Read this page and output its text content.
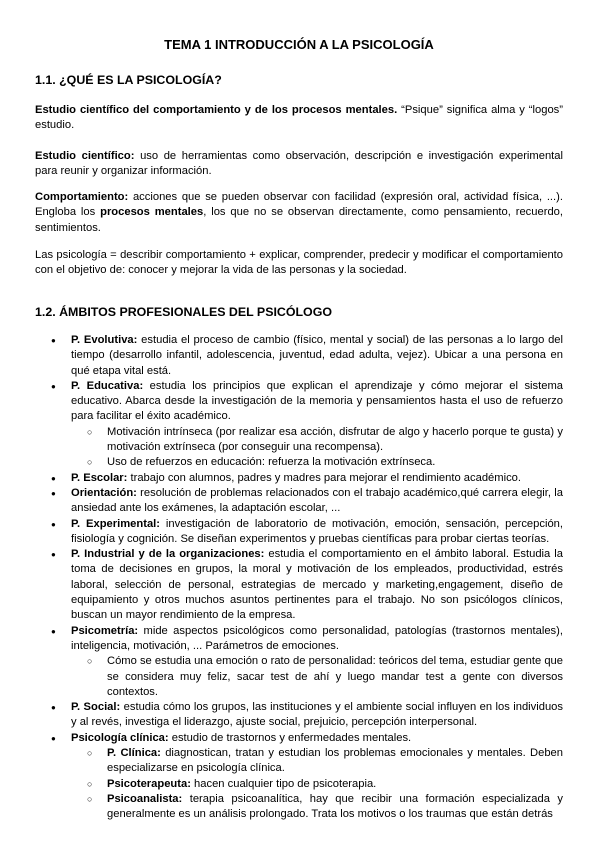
TEMA 1 INTRODUCCIÓN A LA PSICOLOGÍA
1.1. ¿QUÉ ES LA PSICOLOGÍA?
Estudio científico del comportamiento y de los procesos mentales. “Psique” significa alma y “logos” estudio.
Estudio científico: uso de herramientas como observación, descripción e investigación experimental para reunir y organizar información.
Comportamiento: acciones que se pueden observar con facilidad (expresión oral, actividad física, ...). Engloba los procesos mentales, los que no se observan directamente, como pensamiento, recuerdo, sentimientos.
Las psicología = describir comportamiento + explicar, comprender, predecir y modificar el comportamiento con el objetivo de: conocer y mejorar la vida de las personas y la sociedad.
1.2. ÁMBITOS PROFESIONALES DEL PSICÓLOGO
● P. Evolutiva: estudia el proceso de cambio (físico, mental y social) de las personas a lo largo del tiempo (desarrollo infantil, adolescencia, juventud, edad adulta, vejez). Ubicar a una persona en qué etapa vital está.
● P. Educativa: estudia los principios que explican el aprendizaje y cómo mejorar el sistema educativo. Abarca desde la investigación de la memoria y pensamientos hasta el uso de refuerzo para facilitar el éxito académico.
○ Motivación intrínseca (por realizar esa acción, disfrutar de algo y hacerlo porque te gusta) y motivación extrínseca (por conseguir una recompensa).
○ Uso de refuerzos en educación: refuerza la motivación extrínseca.
● P. Escolar: trabajo con alumnos, padres y madres para mejorar el rendimiento académico.
● Orientación: resolución de problemas relacionados con el trabajo académico,qué carrera elegir, la ansiedad ante los exámenes, la adaptación escolar, ...
● P. Experimental: investigación de laboratorio de motivación, emoción, sensación, percepción, fisiología y cognición. Se diseñan experimentos y pruebas científicas para probar ciertas teorías.
● P. Industrial y de la organizaciones: estudia el comportamiento en el ámbito laboral. Estudia la toma de decisiones en grupos, la moral y motivación de los empleados, productividad, estrés laboral, selección de personal, estrategias de mercado y marketing,engagement, diseño de equipamiento y otros muchos asuntos pertinentes para el trabajo. No son psicólogos clínicos, buscan un mayor rendimiento de la empresa.
● Psicometría: mide aspectos psicológicos como personalidad, patologías (trastornos mentales), inteligencia, motivación, ... Parámetros de emociones.
○ Cómo se estudia una emoción o rato de personalidad: teóricos del tema, estudiar gente que se considera muy feliz, sacar test de ahí y luego mandar test a gente con diversos contextos.
● P. Social: estudia cómo los grupos, las instituciones y el ambiente social influyen en los individuos y al revés, investiga el liderazgo, ajuste social, prejuicio, percepción interpersonal.
● Psicología clínica: estudio de trastornos y enfermedades mentales.
○ P. Clínica: diagnostican, tratan y estudian los problemas emocionales y mentales. Deben especializarse en psicología clínica.
○ Psicoterapeuta: hacen cualquier tipo de psicoterapia.
○ Psicoanalista: terapia psicoanalítica, hay que recibir una formación especializada y generalmente es un análisis prolongado. Trata los motivos o los traumas que están detrás
